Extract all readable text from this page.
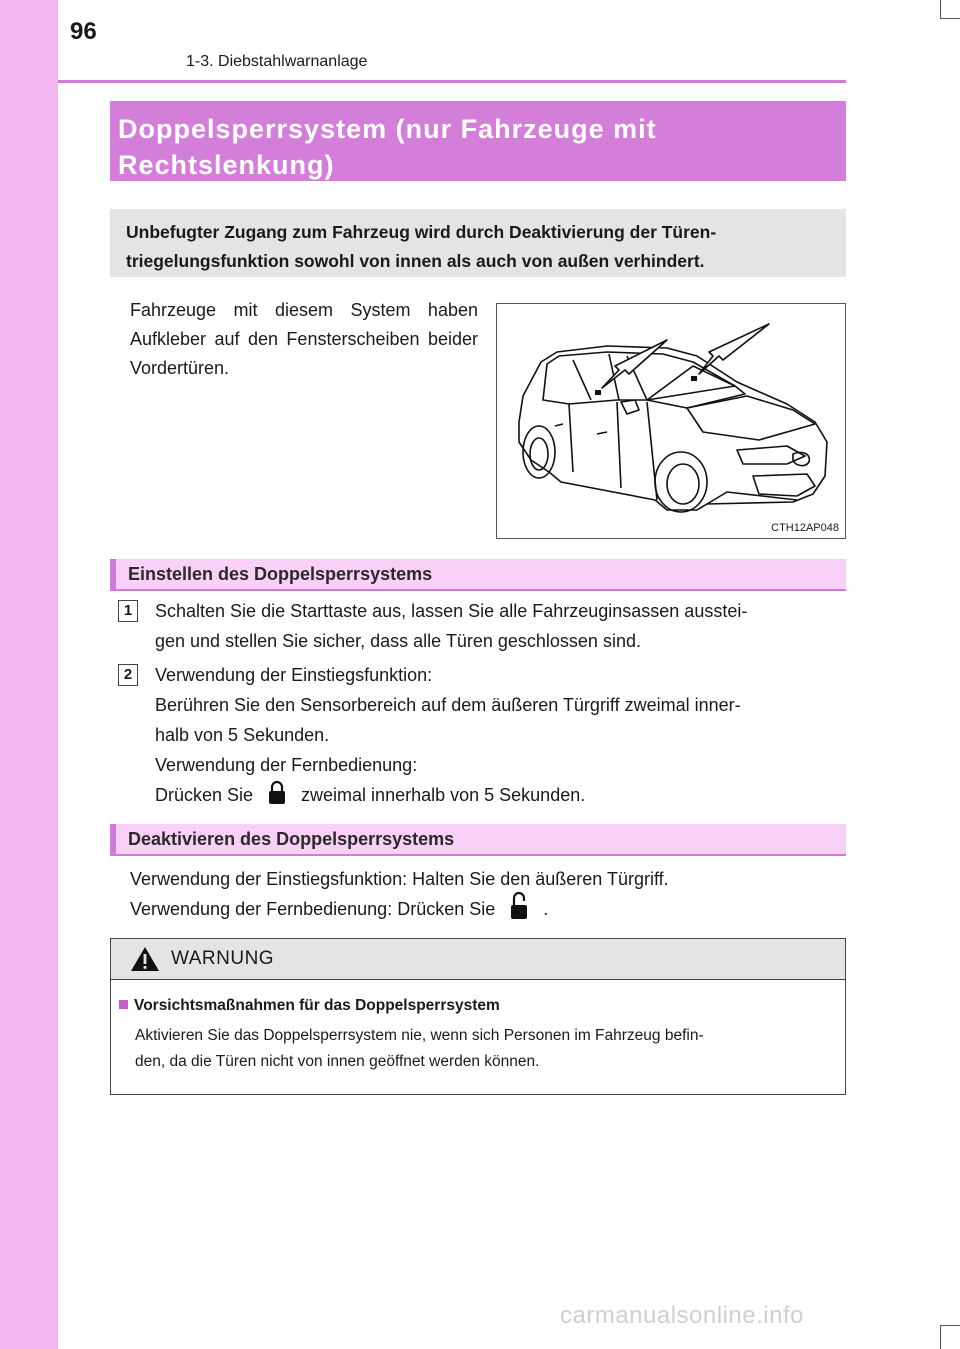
96
1-3. Diebstahlwarnanlage
Doppelsperrsystem (nur Fahrzeuge mit
Rechtslenkung)
Unbefugter Zugang zum Fahrzeug wird durch Deaktivierung der Türen-
triegelungsfunktion sowohl von innen als auch von außen verhindert.
Fahrzeuge mit diesem System haben Aufkleber auf den Fensterscheiben beider Vordertüren.
CTH12AP048
Einstellen des Doppelsperrsystems
1	Schalten Sie die Starttaste aus, lassen Sie alle Fahrzeuginsassen ausstei-
gen und stellen Sie sicher, dass alle Türen geschlossen sind.
2	Verwendung der Einstiegsfunktion:
Berühren Sie den Sensorbereich auf dem äußeren Türgriff zweimal inner-
halb von 5 Sekunden.
Verwendung der Fernbedienung:
Drücken Sie	zweimal innerhalb von 5 Sekunden.
Deaktivieren des Doppelsperrsystems
Verwendung der Einstiegsfunktion: Halten Sie den äußeren Türgriff.
Verwendung der Fernbedienung: Drücken Sie	.
WARNUNG
Vorsichtsmaßnahmen für das Doppelsperrsystem
Aktivieren Sie das Doppelsperrsystem nie, wenn sich Personen im Fahrzeug befin-
den, da die Türen nicht von innen geöffnet werden können.
carmanualsonline.info
